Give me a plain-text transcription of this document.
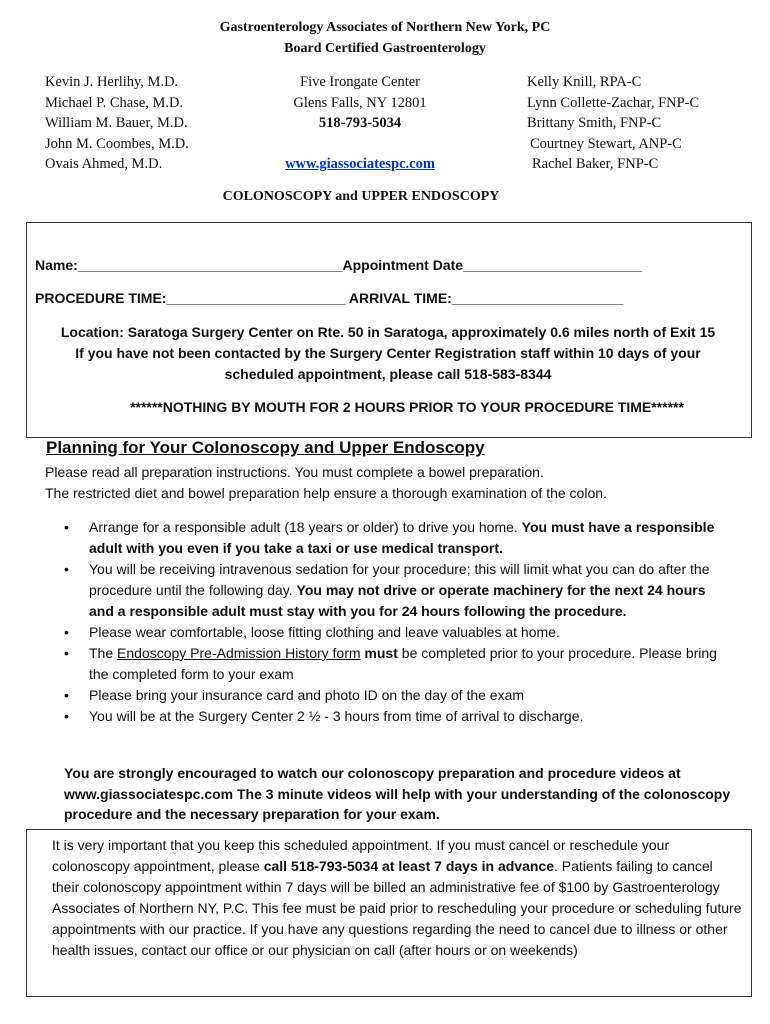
Gastroenterology Associates of Northern New York, PC
Board Certified Gastroenterology
Kevin J. Herlihy, M.D.
Michael P. Chase, M.D.
William M. Bauer, M.D.
John M. Coombes, M.D.
Ovais Ahmed, M.D.
Five Irongate Center
Glens Falls, NY 12801
518-793-5034
www.giassociatespc.com
Kelly Knill, RPA-C
Lynn Collette-Zachar, FNP-C
Brittany Smith, FNP-C
Courtney Stewart, ANP-C
Rachel Baker, FNP-C
COLONOSCOPY and UPPER ENDOSCOPY
Name:__________________________________Appointment Date_______________________
PROCEDURE TIME:_______________________ ARRIVAL TIME:______________________
Location: Saratoga Surgery Center on Rte. 50 in Saratoga, approximately 0.6 miles north of Exit 15
If you have not been contacted by the Surgery Center Registration staff within 10 days of your
scheduled appointment, please call 518-583-8344
******NOTHING BY MOUTH FOR 2 HOURS PRIOR TO YOUR PROCEDURE TIME******
Planning for Your Colonoscopy and Upper Endoscopy
Please read all preparation instructions. You must complete a bowel preparation.
The restricted diet and bowel preparation help ensure a thorough examination of the colon.
• Arrange for a responsible adult (18 years or older) to drive you home. You must have a responsible adult with you even if you take a taxi or use medical transport.
• You will be receiving intravenous sedation for your procedure; this will limit what you can do after the procedure until the following day. You may not drive or operate machinery for the next 24 hours and a responsible adult must stay with you for 24 hours following the procedure.
• Please wear comfortable, loose fitting clothing and leave valuables at home.
• The Endoscopy Pre-Admission History form must be completed prior to your procedure. Please bring the completed form to your exam
• Please bring your insurance card and photo ID on the day of the exam
• You will be at the Surgery Center 2 ½ - 3 hours from time of arrival to discharge.
You are strongly encouraged to watch our colonoscopy preparation and procedure videos at www.giassociatespc.com The 3 minute videos will help with your understanding of the colonoscopy procedure and the necessary preparation for your exam.
It is very important that you keep this scheduled appointment. If you must cancel or reschedule your colonoscopy appointment, please call 518-793-5034 at least 7 days in advance. Patients failing to cancel their colonoscopy appointment within 7 days will be billed an administrative fee of $100 by Gastroenterology Associates of Northern NY, P.C. This fee must be paid prior to rescheduling your procedure or scheduling future appointments with our practice. If you have any questions regarding the need to cancel due to illness or other health issues, contact our office or our physician on call (after hours or on weekends)
